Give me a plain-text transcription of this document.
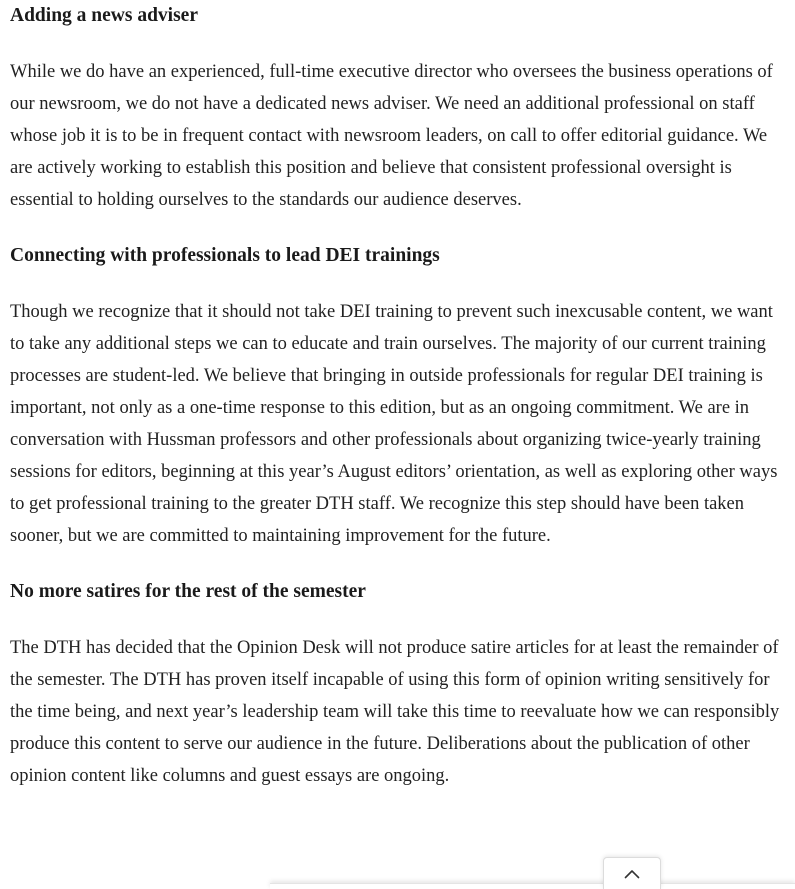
Adding a news adviser

While we do have an experienced, full-time executive director who oversees the business operations of our newsroom, we do not have a dedicated news adviser. We need an additional professional on staff whose job it is to be in frequent contact with newsroom leaders, on call to offer editorial guidance. We are actively working to establish this position and believe that consistent professional oversight is essential to holding ourselves to the standards our audience deserves.

Connecting with professionals to lead DEI trainings

Though we recognize that it should not take DEI training to prevent such inexcusable content, we want to take any additional steps we can to educate and train ourselves. The majority of our current training processes are student-led. We believe that bringing in outside professionals for regular DEI training is important, not only as a one-time response to this edition, but as an ongoing commitment. We are in conversation with Hussman professors and other professionals about organizing twice-yearly training sessions for editors, beginning at this year’s August editors’ orientation, as well as exploring other ways to get professional training to the greater DTH staff. We recognize this step should have been taken sooner, but we are committed to maintaining improvement for the future.

No more satires for the rest of the semester

The DTH has decided that the Opinion Desk will not produce satire articles for at least the remainder of the semester. The DTH has proven itself incapable of using this form of opinion writing sensitively for the time being, and next year’s leadership team will take this time to reevaluate how we can responsibly produce this content to serve our audience in the future. Deliberations about the publication of other opinion content like columns and guest essays are ongoing.
